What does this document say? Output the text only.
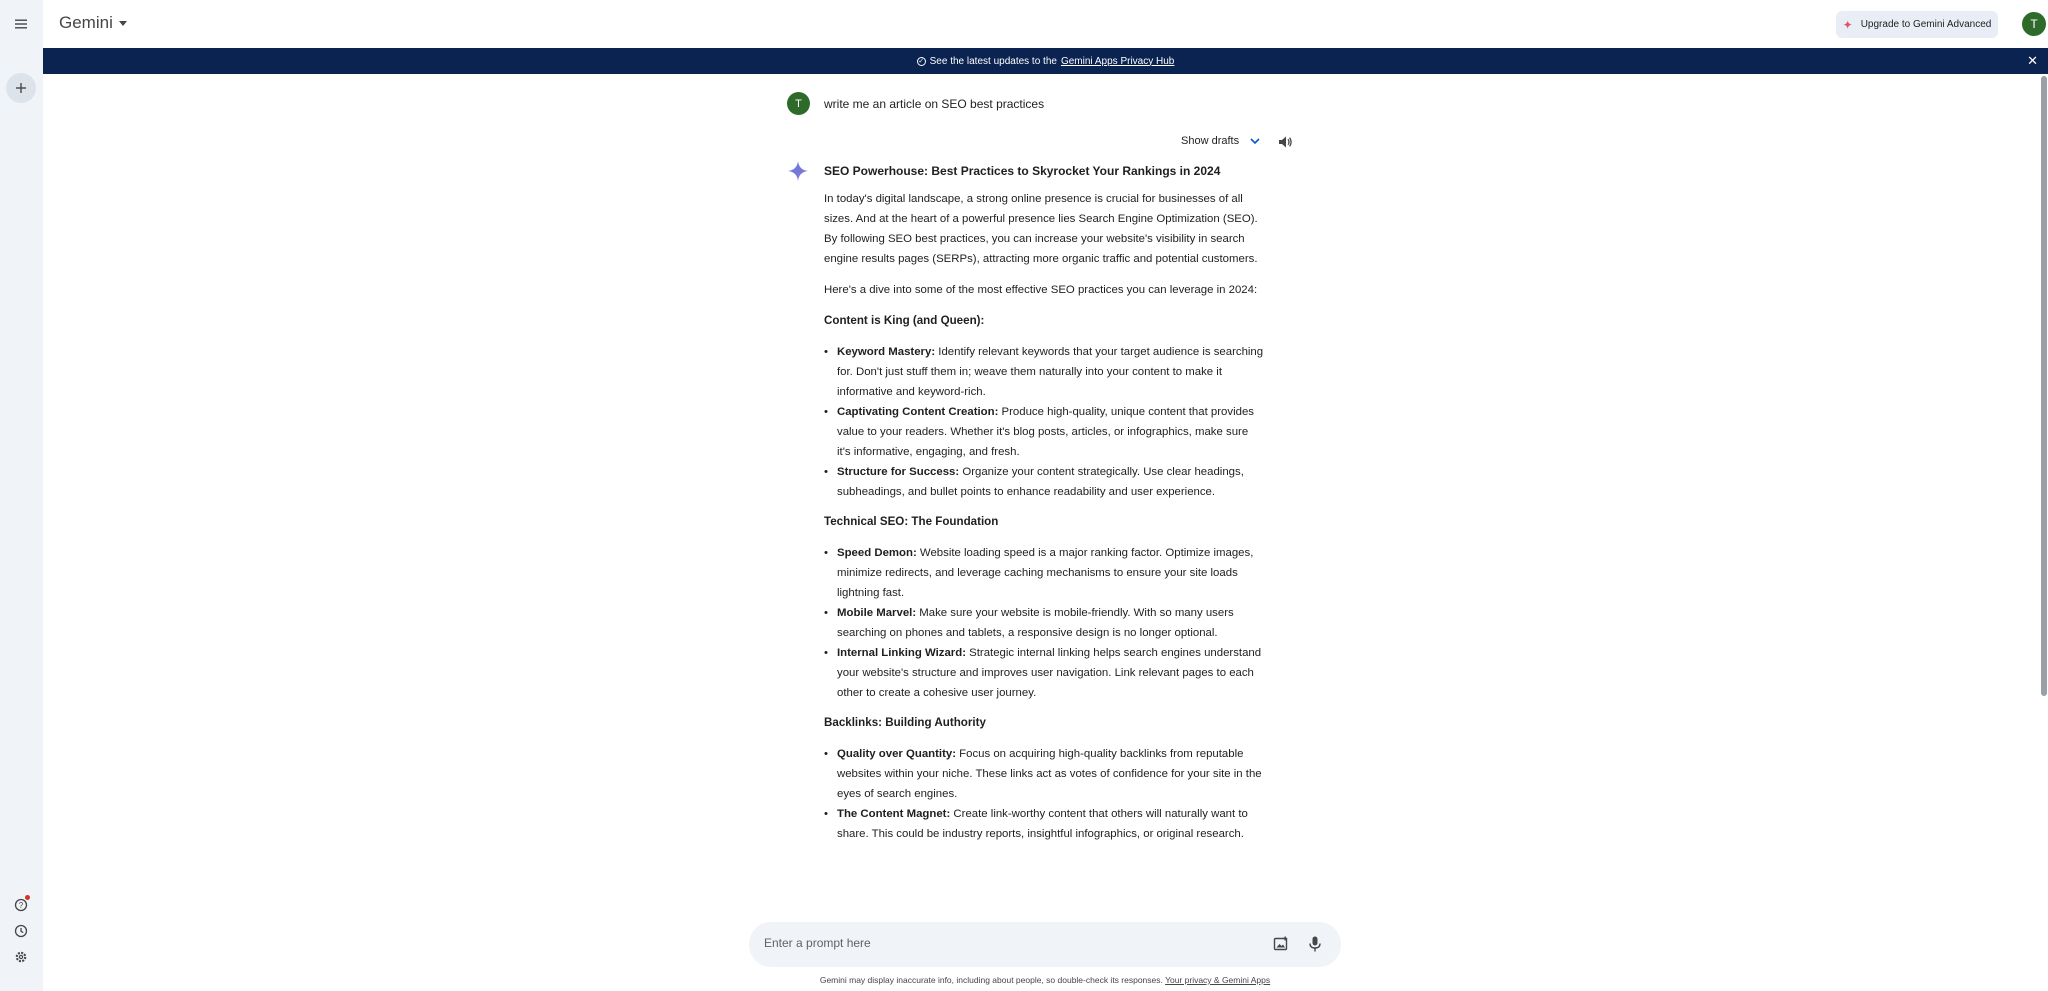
?
Gemini	✦ Upgrade to Gemini Advanced	T
✓ See the latest updates to the Gemini Apps Privacy Hub	✕
T	write me an article on SEO best practices
Show drafts
SEO Powerhouse: Best Practices to Skyrocket Your Rankings in 2024

In today's digital landscape, a strong online presence is crucial for businesses of all sizes. And at the heart of a powerful presence lies Search Engine Optimization (SEO). By following SEO best practices, you can increase your website's visibility in search engine results pages (SERPs), attracting more organic traffic and potential customers.

Here's a dive into some of the most effective SEO practices you can leverage in 2024:

Content is King (and Queen):
• Keyword Mastery: Identify relevant keywords that your target audience is searching for. Don't just stuff them in; weave them naturally into your content to make it informative and keyword-rich.
• Captivating Content Creation: Produce high-quality, unique content that provides value to your readers. Whether it's blog posts, articles, or infographics, make sure it's informative, engaging, and fresh.
• Structure for Success: Organize your content strategically. Use clear headings, subheadings, and bullet points to enhance readability and user experience.
Technical SEO: The Foundation
• Speed Demon: Website loading speed is a major ranking factor. Optimize images, minimize redirects, and leverage caching mechanisms to ensure your site loads lightning fast.
• Mobile Marvel: Make sure your website is mobile-friendly. With so many users searching on phones and tablets, a responsive design is no longer optional.
• Internal Linking Wizard: Strategic internal linking helps search engines understand your website's structure and improves user navigation. Link relevant pages to each other to create a cohesive user journey.
Backlinks: Building Authority
• Quality over Quantity: Focus on acquiring high-quality backlinks from reputable websites within your niche. These links act as votes of confidence for your site in the eyes of search engines.
• The Content Magnet: Create link-worthy content that others will naturally want to share. This could be industry reports, insightful infographics, or original research.
Enter a prompt here
Gemini may display inaccurate info, including about people, so double-check its responses. Your privacy & Gemini Apps
